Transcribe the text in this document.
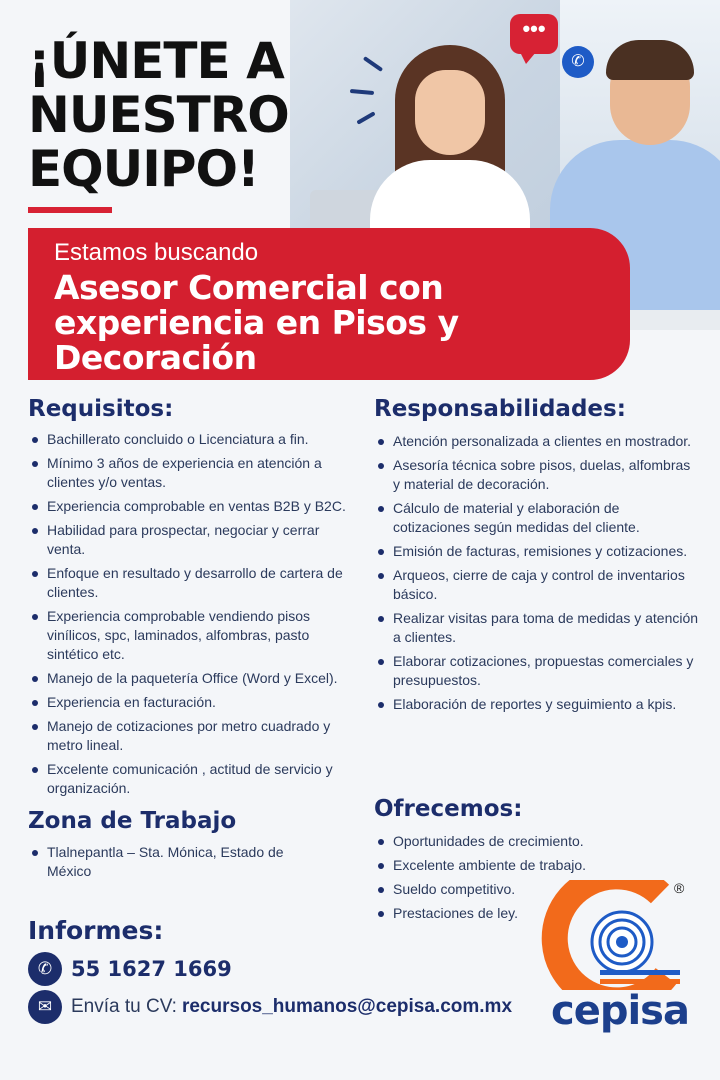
•••
✆
¡ÚNETE A
NUESTRO
EQUIPO!
Estamos buscando
Asesor Comercial con
experiencia en Pisos y
Decoración
Requisitos:
Bachillerato concluido o Licenciatura a fin.
Mínimo 3 años de experiencia en atención a clientes y/o ventas.
Experiencia comprobable en ventas B2B y B2C.
Habilidad para prospectar, negociar y cerrar venta.
Enfoque en resultado y desarrollo de cartera de clientes.
Experiencia comprobable vendiendo pisos vinílicos, spc, laminados, alfombras, pasto sintético etc.
Manejo de la paquetería Office (Word y Excel).
Experiencia en facturación.
Manejo de cotizaciones por metro cuadrado y metro lineal.
Excelente comunicación , actitud de servicio y organización.
Responsabilidades:
Atención personalizada a clientes en mostrador.
Asesoría técnica sobre pisos, duelas, alfombras y material de decoración.
Cálculo de material y elaboración de cotizaciones según medidas del cliente.
Emisión de facturas, remisiones y cotizaciones.
Arqueos, cierre de caja y control de inventarios básico.
Realizar visitas para toma de medidas y atención a clientes.
Elaborar cotizaciones, propuestas comerciales y presupuestos.
Elaboración de reportes y seguimiento a kpis.
Zona de Trabajo
Tlalnepantla – Sta. Mónica, Estado de México
Ofrecemos:
Oportunidades de crecimiento.
Excelente ambiente de trabajo.
Sueldo competitivo.
Prestaciones de ley.
Informes:
✆ 55 1627 1669
✉ Envía tu CV: recursos_humanos@cepisa.com.mx
®
cepisa
